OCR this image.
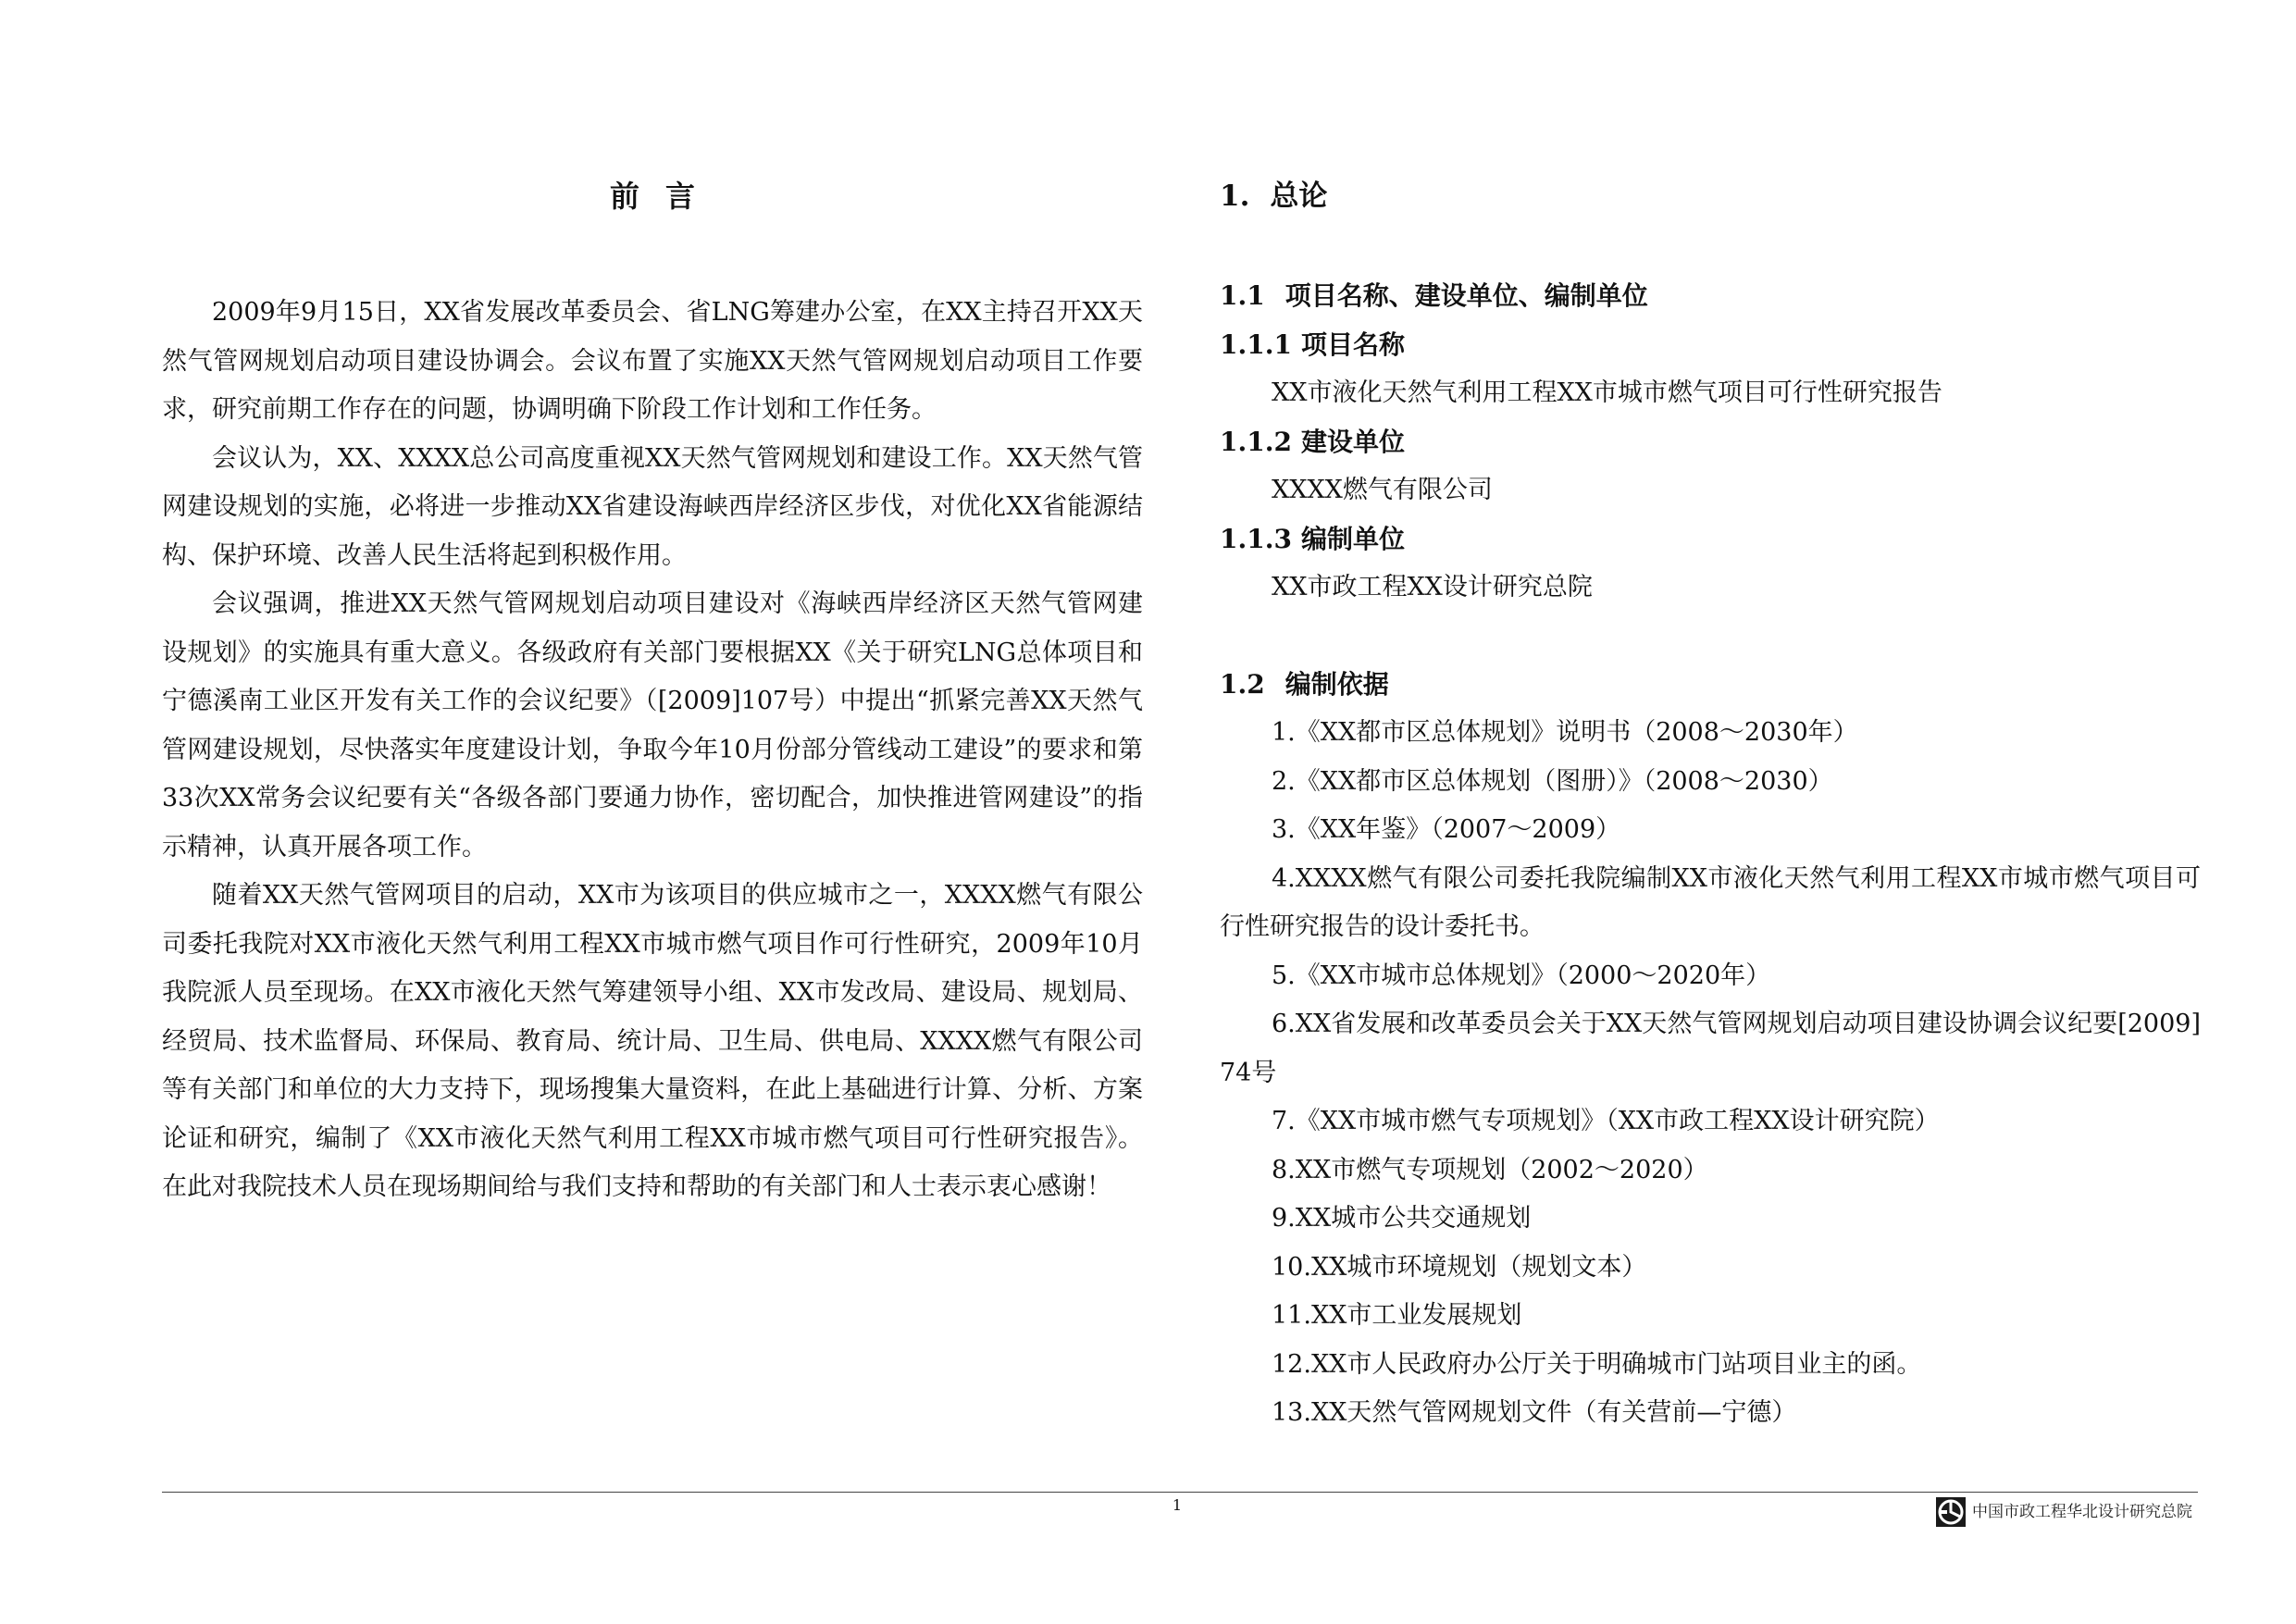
前言

2009年9月15日，XX省发展改革委员会、省LNG筹建办公室，在XX主持召开XX天然气管网规划启动项目建设协调会。会议布置了实施XX天然气管网规划启动项目工作要求，研究前期工作存在的问题，协调明确下阶段工作计划和工作任务。

会议认为，XX、XXXX总公司高度重视XX天然气管网规划和建设工作。XX天然气管网建设规划的实施，必将进一步推动XX省建设海峡西岸经济区步伐，对优化XX省能源结构、保护环境、改善人民生活将起到积极作用。

会议强调，推进XX天然气管网规划启动项目建设对《海峡西岸经济区天然气管网建设规划》的实施具有重大意义。各级政府有关部门要根据XX《关于研究LNG总体项目和宁德溪南工业区开发有关工作的会议纪要》（[2009]107号）中提出“抓紧完善XX天然气管网建设规划，尽快落实年度建设计划，争取今年10月份部分管线动工建设”的要求和第33次XX常务会议纪要有关“各级各部门要通力协作，密切配合，加快推进管网建设”的指示精神，认真开展各项工作。

随着XX天然气管网项目的启动，XX市为该项目的供应城市之一，XXXX燃气有限公司委托我院对XX市液化天然气利用工程XX市城市燃气项目作可行性研究，2009年10月我院派人员至现场。在XX市液化天然气筹建领导小组、XX市发改局、建设局、规划局、经贸局、技术监督局、环保局、教育局、统计局、卫生局、供电局、XXXX燃气有限公司等有关部门和单位的大力支持下，现场搜集大量资料，在此上基础进行计算、分析、方案论证和研究，编制了《XX市液化天然气利用工程XX市城市燃气项目可行性研究报告》。在此对我院技术人员在现场期间给与我们支持和帮助的有关部门和人士表示衷心感谢！

1. 总论
1.1 项目名称、建设单位、编制单位
1.1.1 项目名称

XX市液化天然气利用工程XX市城市燃气项目可行性研究报告

1.1.2 建设单位

XXXX燃气有限公司

1.1.3 编制单位

XX市政工程XX设计研究总院

1.2 编制依据
1.《XX都市区总体规划》说明书（2008～2030年）
2.《XX都市区总体规划（图册）》（2008～2030）
3.《XX年鉴》（2007～2009）
4.XXXX燃气有限公司委托我院编制XX市液化天然气利用工程XX市城市燃气项目可行性研究报告的设计委托书。
5.《XX市城市总体规划》（2000～2020年）
6.XX省发展和改革委员会关于XX天然气管网规划启动项目建设协调会议纪要[2009]74号
7.《XX市城市燃气专项规划》（XX市政工程XX设计研究院）
8.XX市燃气专项规划（2002～2020）
9.XX城市公共交通规划
10.XX城市环境规划（规划文本）
11.XX市工业发展规划
12.XX市人民政府办公厅关于明确城市门站项目业主的函。
13.XX天然气管网规划文件（有关营前—宁德）
1	中国市政工程华北设计研究总院
